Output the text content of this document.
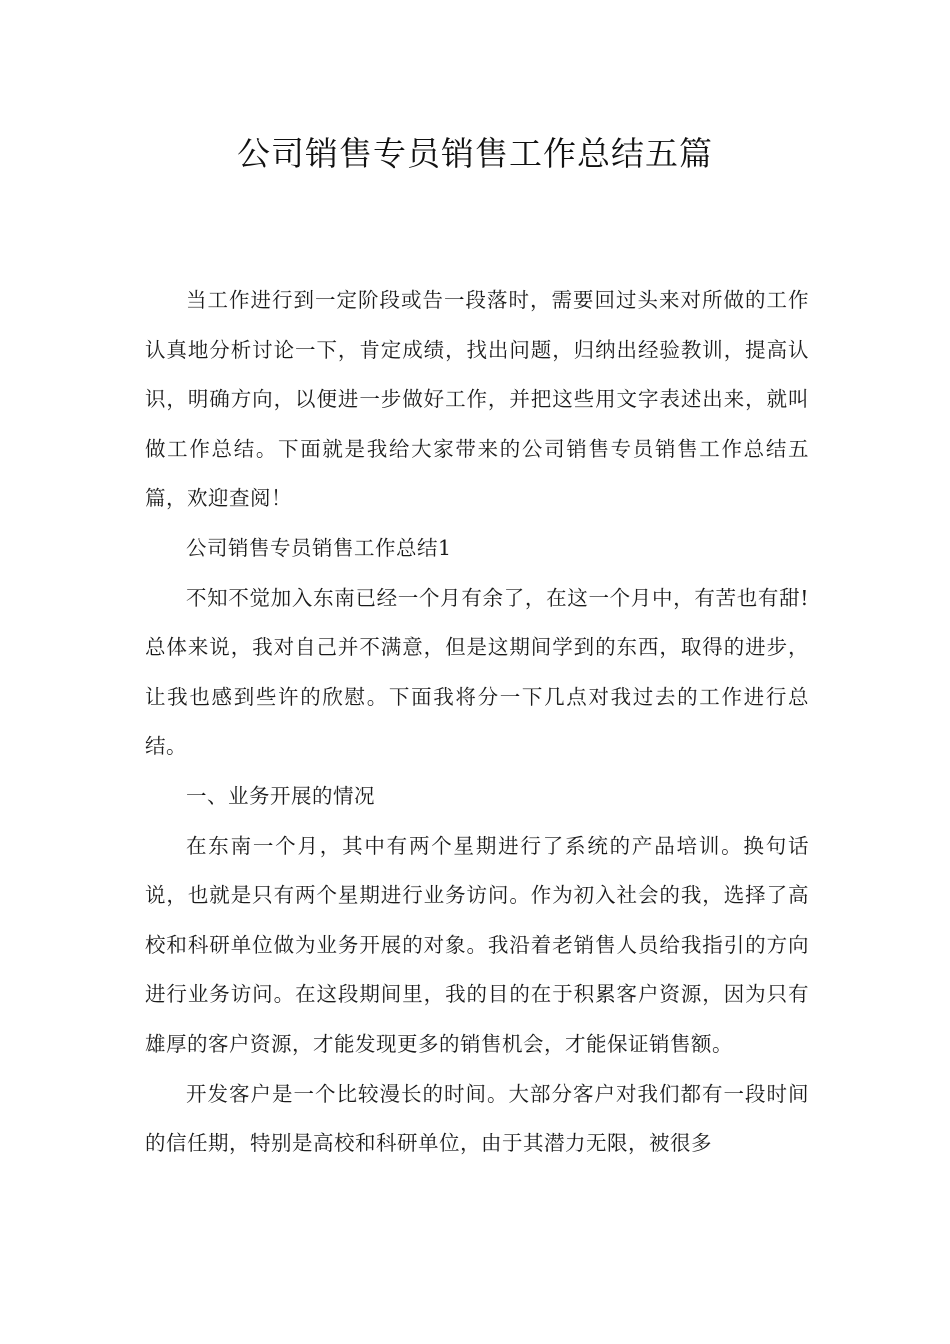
公司销售专员销售工作总结五篇

当工作进行到一定阶段或告一段落时，需要回过头来对所做的工作认真地分析讨论一下，肯定成绩，找出问题，归纳出经验教训，提高认识，明确方向，以便进一步做好工作，并把这些用文字表述出来，就叫做工作总结。下面就是我给大家带来的公司销售专员销售工作总结五篇，欢迎查阅！

公司销售专员销售工作总结1

不知不觉加入东南已经一个月有余了，在这一个月中，有苦也有甜!总体来说，我对自己并不满意，但是这期间学到的东西，取得的进步，让我也感到些许的欣慰。下面我将分一下几点对我过去的工作进行总结。

一、业务开展的情况

在东南一个月，其中有两个星期进行了系统的产品培训。换句话说，也就是只有两个星期进行业务访问。作为初入社会的我，选择了高校和科研单位做为业务开展的对象。我沿着老销售人员给我指引的方向进行业务访问。在这段期间里，我的目的在于积累客户资源，因为只有雄厚的客户资源，才能发现更多的销售机会，才能保证销售额。

开发客户是一个比较漫长的时间。大部分客户对我们都有一段时间的信任期，特别是高校和科研单位，由于其潜力无限，被很多
